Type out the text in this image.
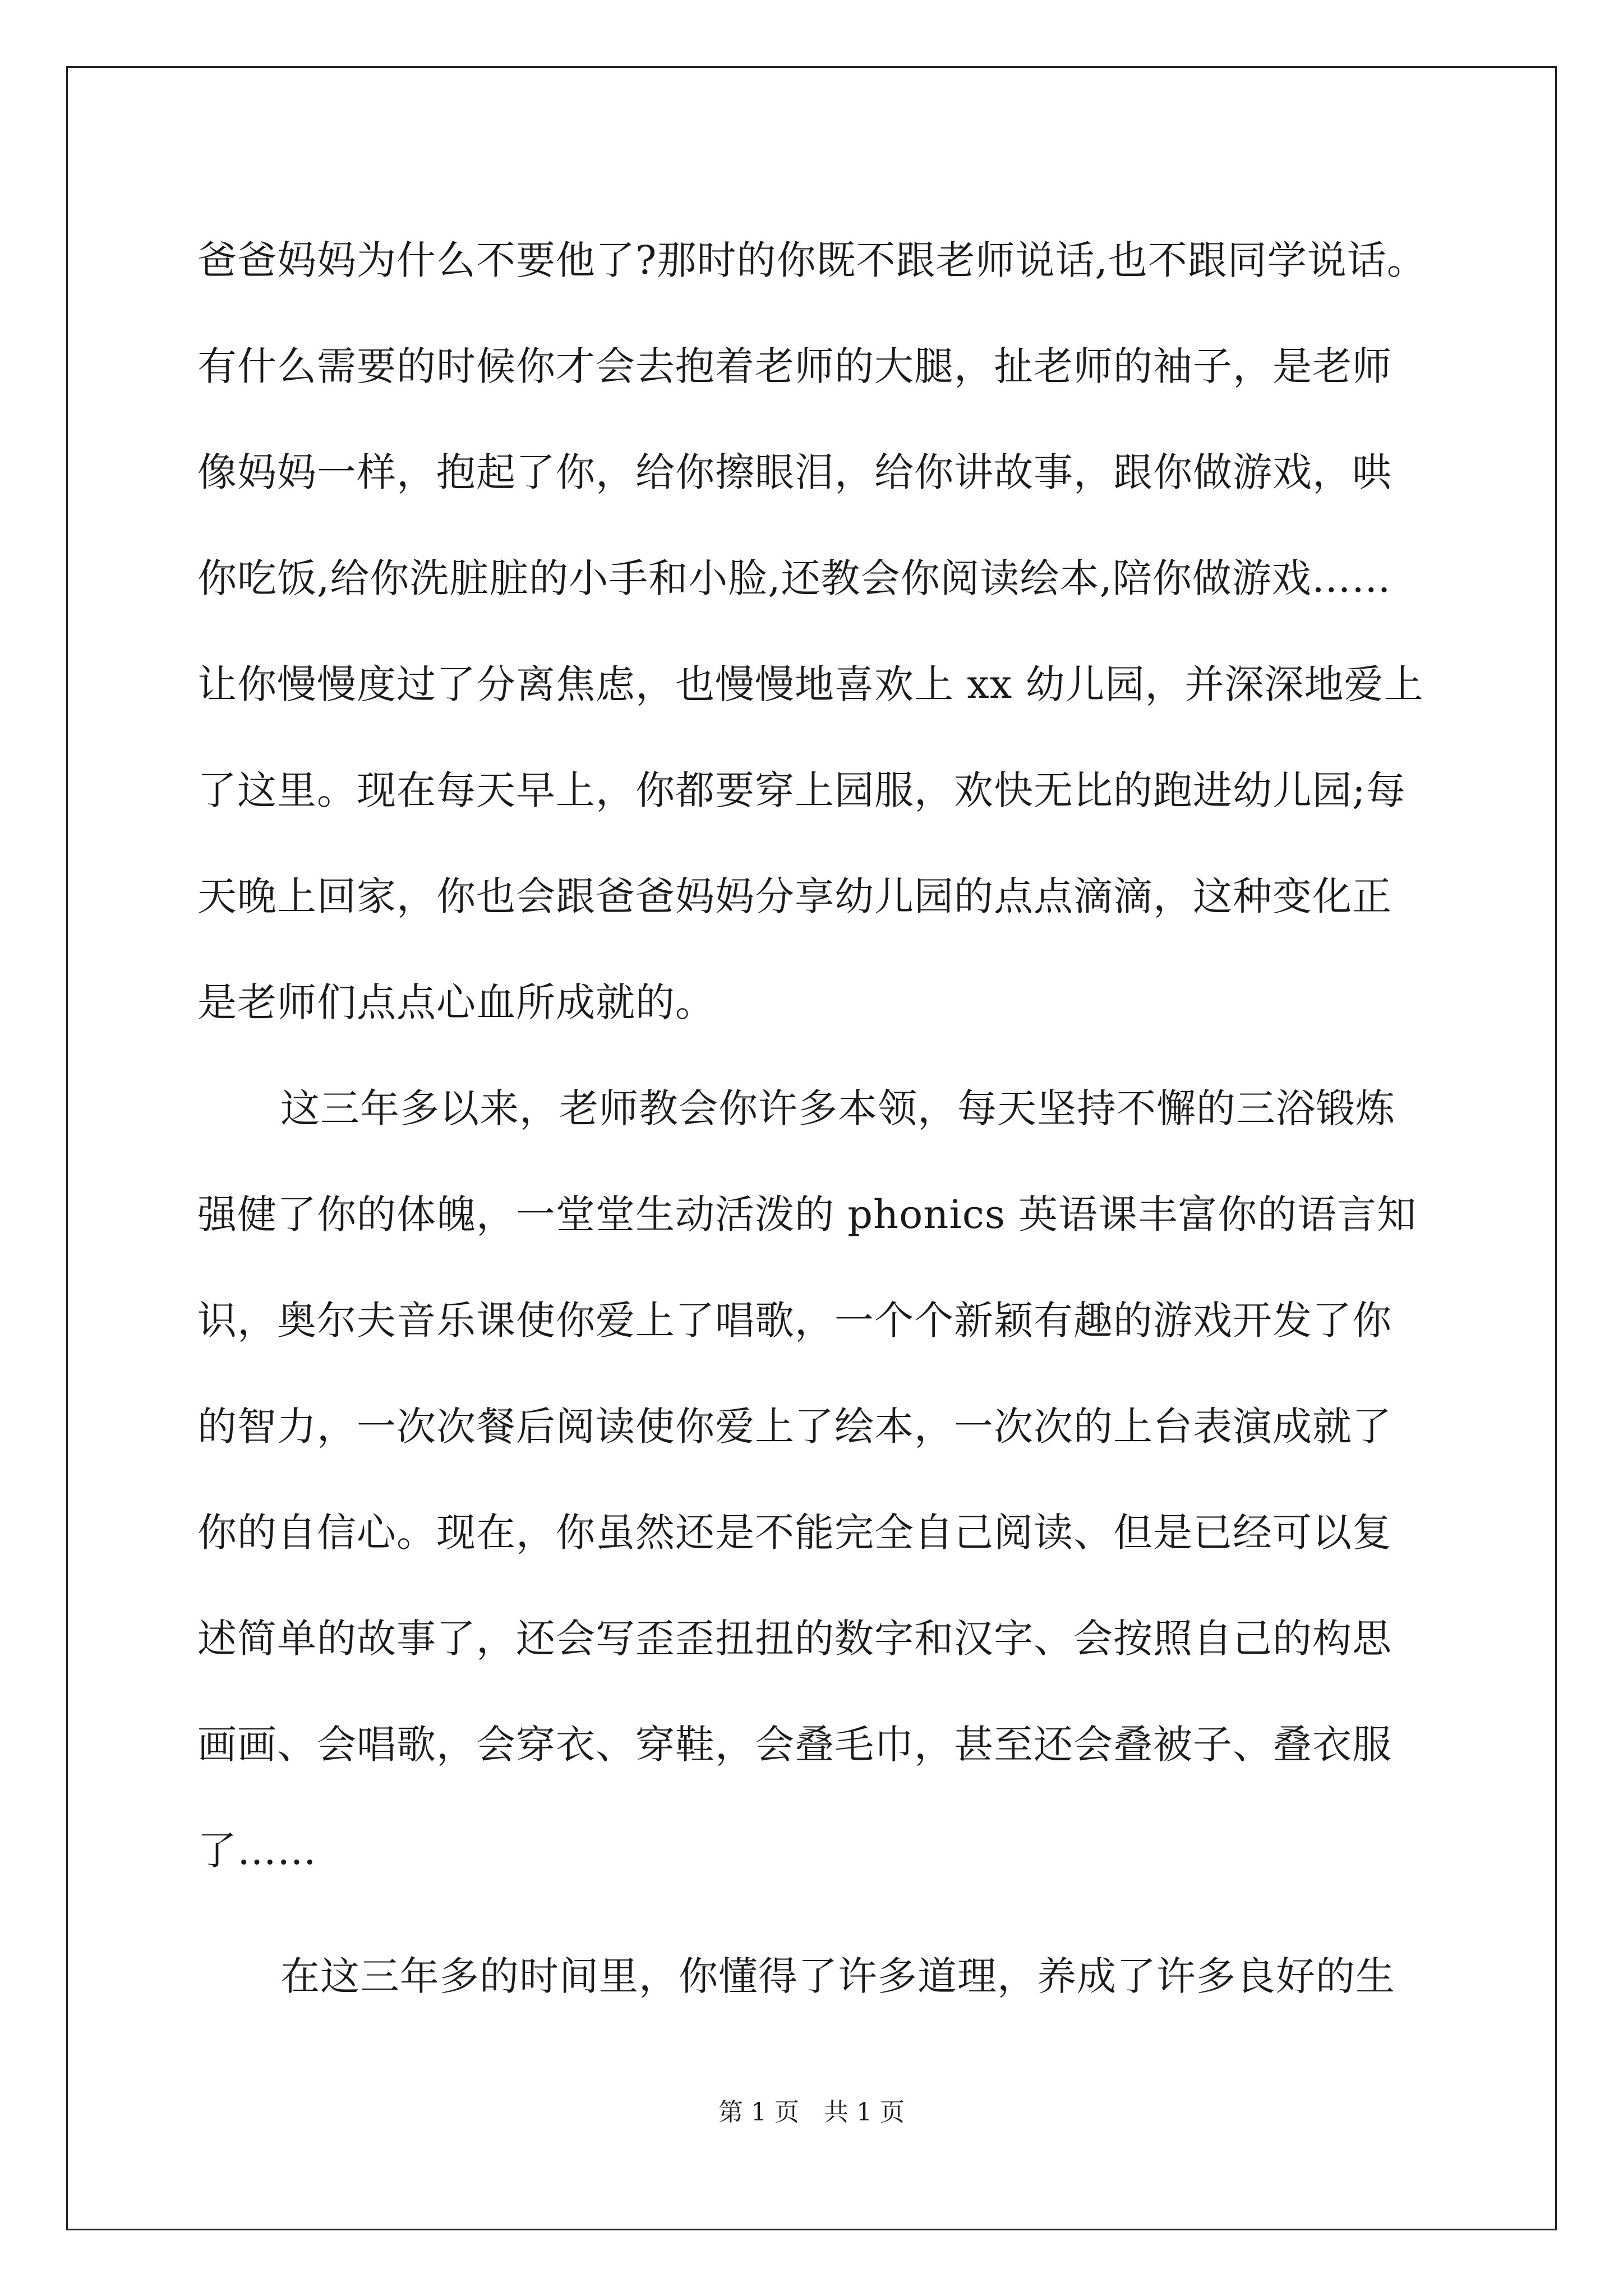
爸爸妈妈为什么不要他了?那时的你既不跟老师说话,也不跟同学说话。
有什么需要的时候你才会去抱着老师的大腿，扯老师的袖子，是老师
像妈妈一样，抱起了你，给你擦眼泪，给你讲故事，跟你做游戏，哄
你吃饭,给你洗脏脏的小手和小脸,还教会你阅读绘本,陪你做游戏……
让你慢慢度过了分离焦虑，也慢慢地喜欢上 xx 幼儿园，并深深地爱上
了这里。现在每天早上，你都要穿上园服，欢快无比的跑进幼儿园;每
天晚上回家，你也会跟爸爸妈妈分享幼儿园的点点滴滴，这种变化正
是老师们点点心血所成就的。
这三年多以来，老师教会你许多本领，每天坚持不懈的三浴锻炼
强健了你的体魄，一堂堂生动活泼的 phonics 英语课丰富你的语言知
识，奥尔夫音乐课使你爱上了唱歌，一个个新颖有趣的游戏开发了你
的智力，一次次餐后阅读使你爱上了绘本，一次次的上台表演成就了
你的自信心。现在，你虽然还是不能完全自己阅读、但是已经可以复
述简单的故事了，还会写歪歪扭扭的数字和汉字、会按照自己的构思
画画、会唱歌，会穿衣、穿鞋，会叠毛巾，甚至还会叠被子、叠衣服
了……
在这三年多的时间里，你懂得了许多道理，养成了许多良好的生
第 1 页 共 1 页
